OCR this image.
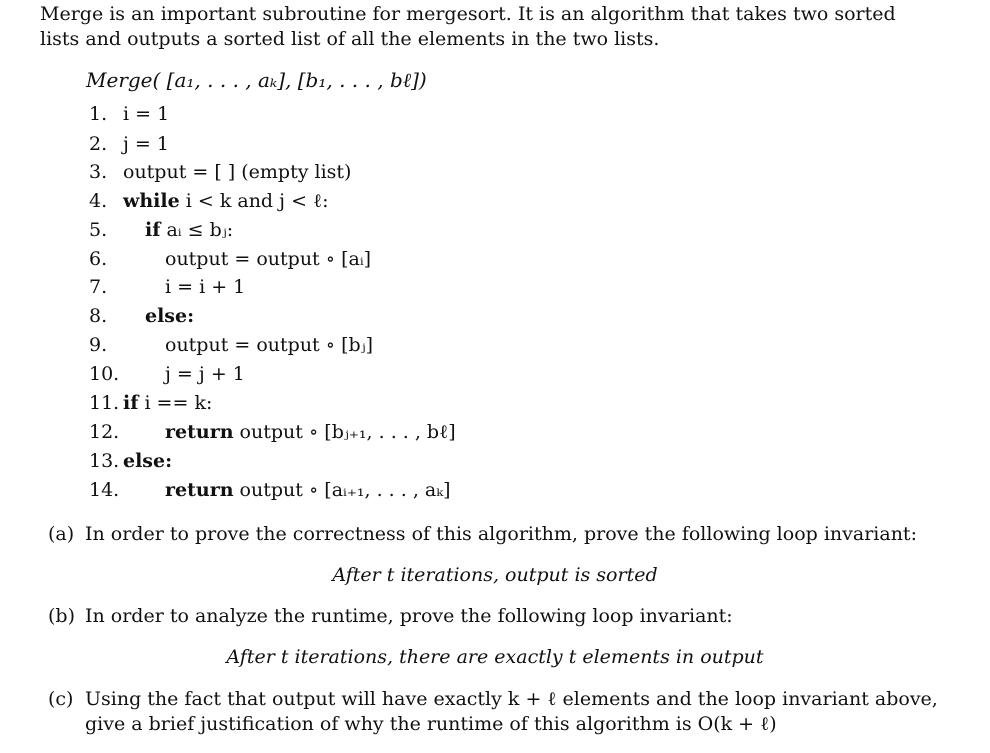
Merge is an important subroutine for mergesort. It is an algorithm that takes two sorted

lists and outputs a sorted list of all the elements in the two lists.

Merge( [a₁, . . . , aₖ], [b₁, . . . , bℓ])
1. i = 1
2. j = 1
3. output = [ ] (empty list)
4. while i < k and j < ℓ:
5. if aᵢ ≤ bⱼ:
6.	output = output ∘ [aᵢ]
7.	i = i + 1
8. else:
9.	output = output ∘ [bⱼ]
10. j = j + 1
11. if i == k:
12. return output ∘ [bⱼ₊₁, . . . , bℓ]
13. else:
14. return output ∘ [aᵢ₊₁, . . . , aₖ]
(a) In order to prove the correctness of this algorithm, prove the following loop invariant:
After t iterations, output is sorted
(b) In order to analyze the runtime, prove the following loop invariant:
After t iterations, there are exactly t elements in output
(c) Using the fact that output will have exactly k + ℓ elements and the loop invariant above, give a brief justification of why the runtime of this algorithm is O(k + ℓ)
